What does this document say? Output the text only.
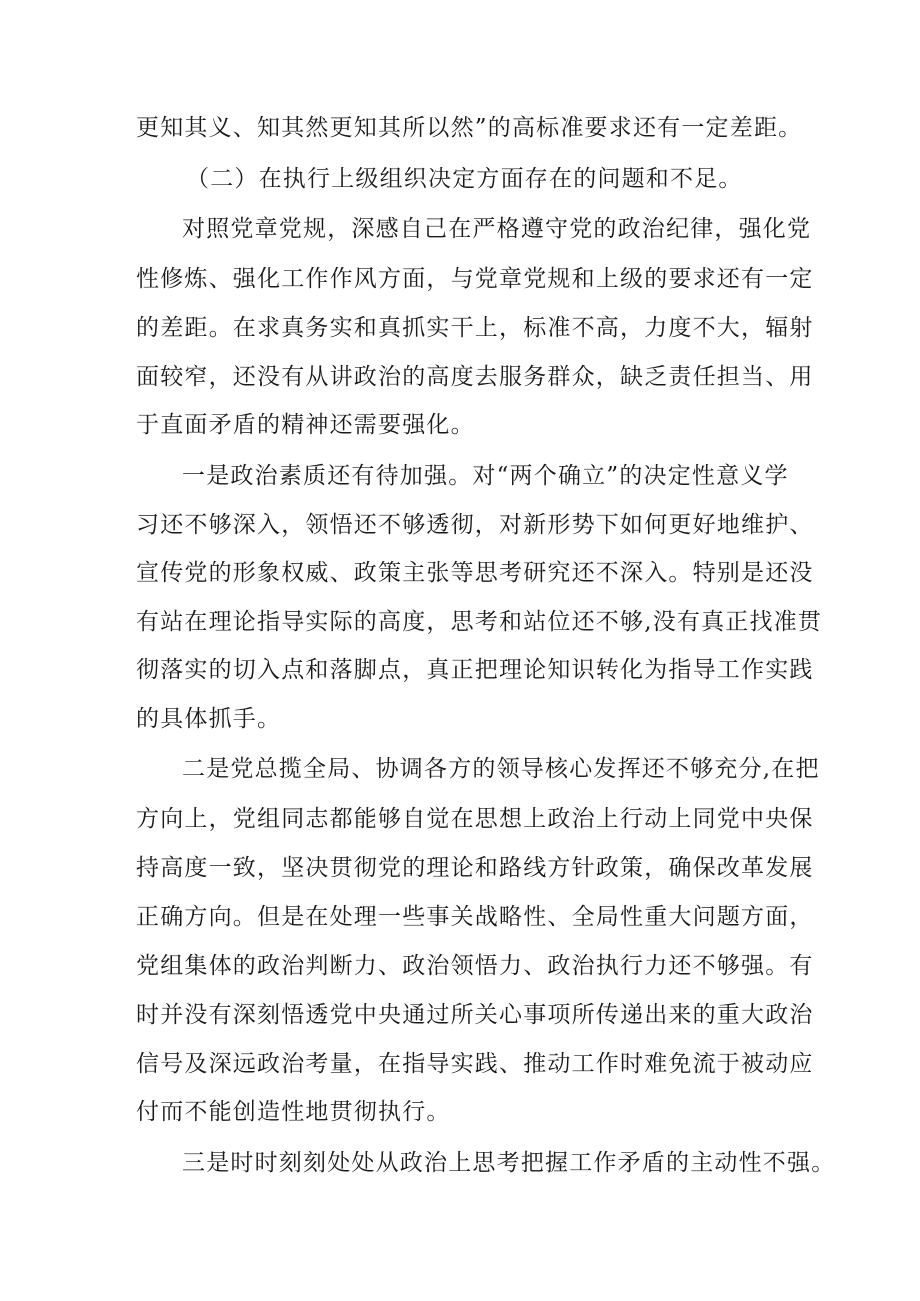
更知其义、知其然更知其所以然”的高标准要求还有一定差距。
（二）在执行上级组织决定方面存在的问题和不足。
对照党章党规，深感自己在严格遵守党的政治纪律，强化党
性修炼、强化工作作风方面，与党章党规和上级的要求还有一定
的差距。在求真务实和真抓实干上，标准不高，力度不大，辐射
面较窄，还没有从讲政治的高度去服务群众，缺乏责任担当、用
于直面矛盾的精神还需要强化。
一是政治素质还有待加强。对“两个确立”的决定性意义学
习还不够深入，领悟还不够透彻，对新形势下如何更好地维护、
宣传党的形象权威、政策主张等思考研究还不深入。特别是还没
有站在理论指导实际的高度，思考和站位还不够,没有真正找准贯
彻落实的切入点和落脚点，真正把理论知识转化为指导工作实践
的具体抓手。
二是党总揽全局、协调各方的领导核心发挥还不够充分,在把
方向上，党组同志都能够自觉在思想上政治上行动上同党中央保
持高度一致，坚决贯彻党的理论和路线方针政策，确保改革发展
正确方向。但是在处理一些事关战略性、全局性重大问题方面，
党组集体的政治判断力、政治领悟力、政治执行力还不够强。有
时并没有深刻悟透党中央通过所关心事项所传递出来的重大政治
信号及深远政治考量，在指导实践、推动工作时难免流于被动应
付而不能创造性地贯彻执行。
三是时时刻刻处处从政治上思考把握工作矛盾的主动性不强。
